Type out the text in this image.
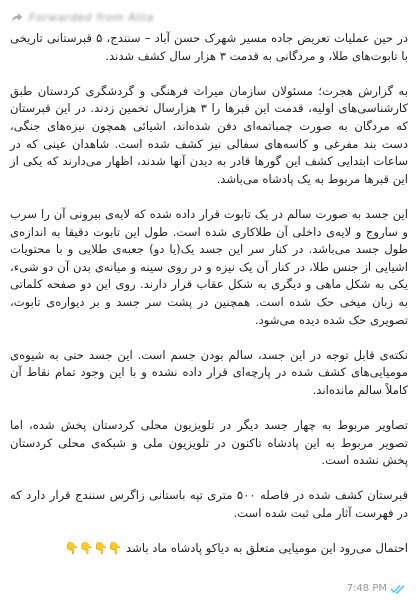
Forwarded from Aliia

در حین عملیات تعریض جاده مسیر شهرک حسن آباد – سنندج، ۵ قبرستانی تاریخی با تابوت‌های طلا، و مردگانی به قدمت ۳ هزار سال کشف شدند.

به گزارش هجرت؛ مسئولان سازمان میراث فرهنگی و گردشگری کردستان طبق کارشناسی‌های اولیه، قدمت این قبرها را ۳ هزارسال تخمین زدند. در این قبرستان که مردگان به صورت چمباتمه‌ای دفن شده‌اند، اشیائی همچون نیزه‌های جنگی، دست بند مفرغی و کاسه‌های سفالی نیز کشف شده است. شاهدان عینی که در ساعات ابتدایی کشف این گورها قادر به دیدن آنها شدند، اظهار می‌دارند که یکی از این قبرها مربوط به یک پادشاه می‌باشد.

این جسد به صورت سالم در یک تابوت قرار داده شده که لایه‌ی بیرونی آن را سرب و ساروج و لایه‌ی داخلی آن طلاکاری شده است. طول این تابوت دقیقا به اندازه‌ی طول جسد می‌باشد. در کنار سر این جسد یک(یا دو) جعبه‌ی طلایی و با محتویات اشیایی از جنس طلا، در کنار آن یک نیزه و در روی سینه و میانه‌ی بدن آن دو شیء، یکی به شکل ماهی و دیگری به شکل عقاب قرار دارند. روی این دو صفحه کلماتی به زبان میخی حک شده است. همچنین در پشت سر جسد و بر دیواره‌ی تابوت، تصویری حک شده دیده می‌شود.

نکته‌ی قابل توجه در این جسد، سالم بودن جسم است. این جسد حتی به شیوه‌ی مومیایی‌های کشف شده در پارچه‌ای قرار داده نشده و با این وجود تمام نقاط آن کاملاً سالم مانده‌اند.

تصاویر مربوط به چهار جسد دیگر در تلویزیون محلی کردستان پخش شده، اما تصویر مربوط به این پادشاه تاکنون در تلویزیون ملی و شبکه‌ی محلی کردستان پخش نشده است.

قبرستان کشف شده در فاصله ۵۰۰ متری تپه باستانی زاگرس سنندج قرار دارد که در فهرست آثار ملی ثبت شده است.

احتمال می‌رود این مومیایی متعلق به دیاکو پادشاه ماد باشد 👇👇👇👇

7:48 PM
